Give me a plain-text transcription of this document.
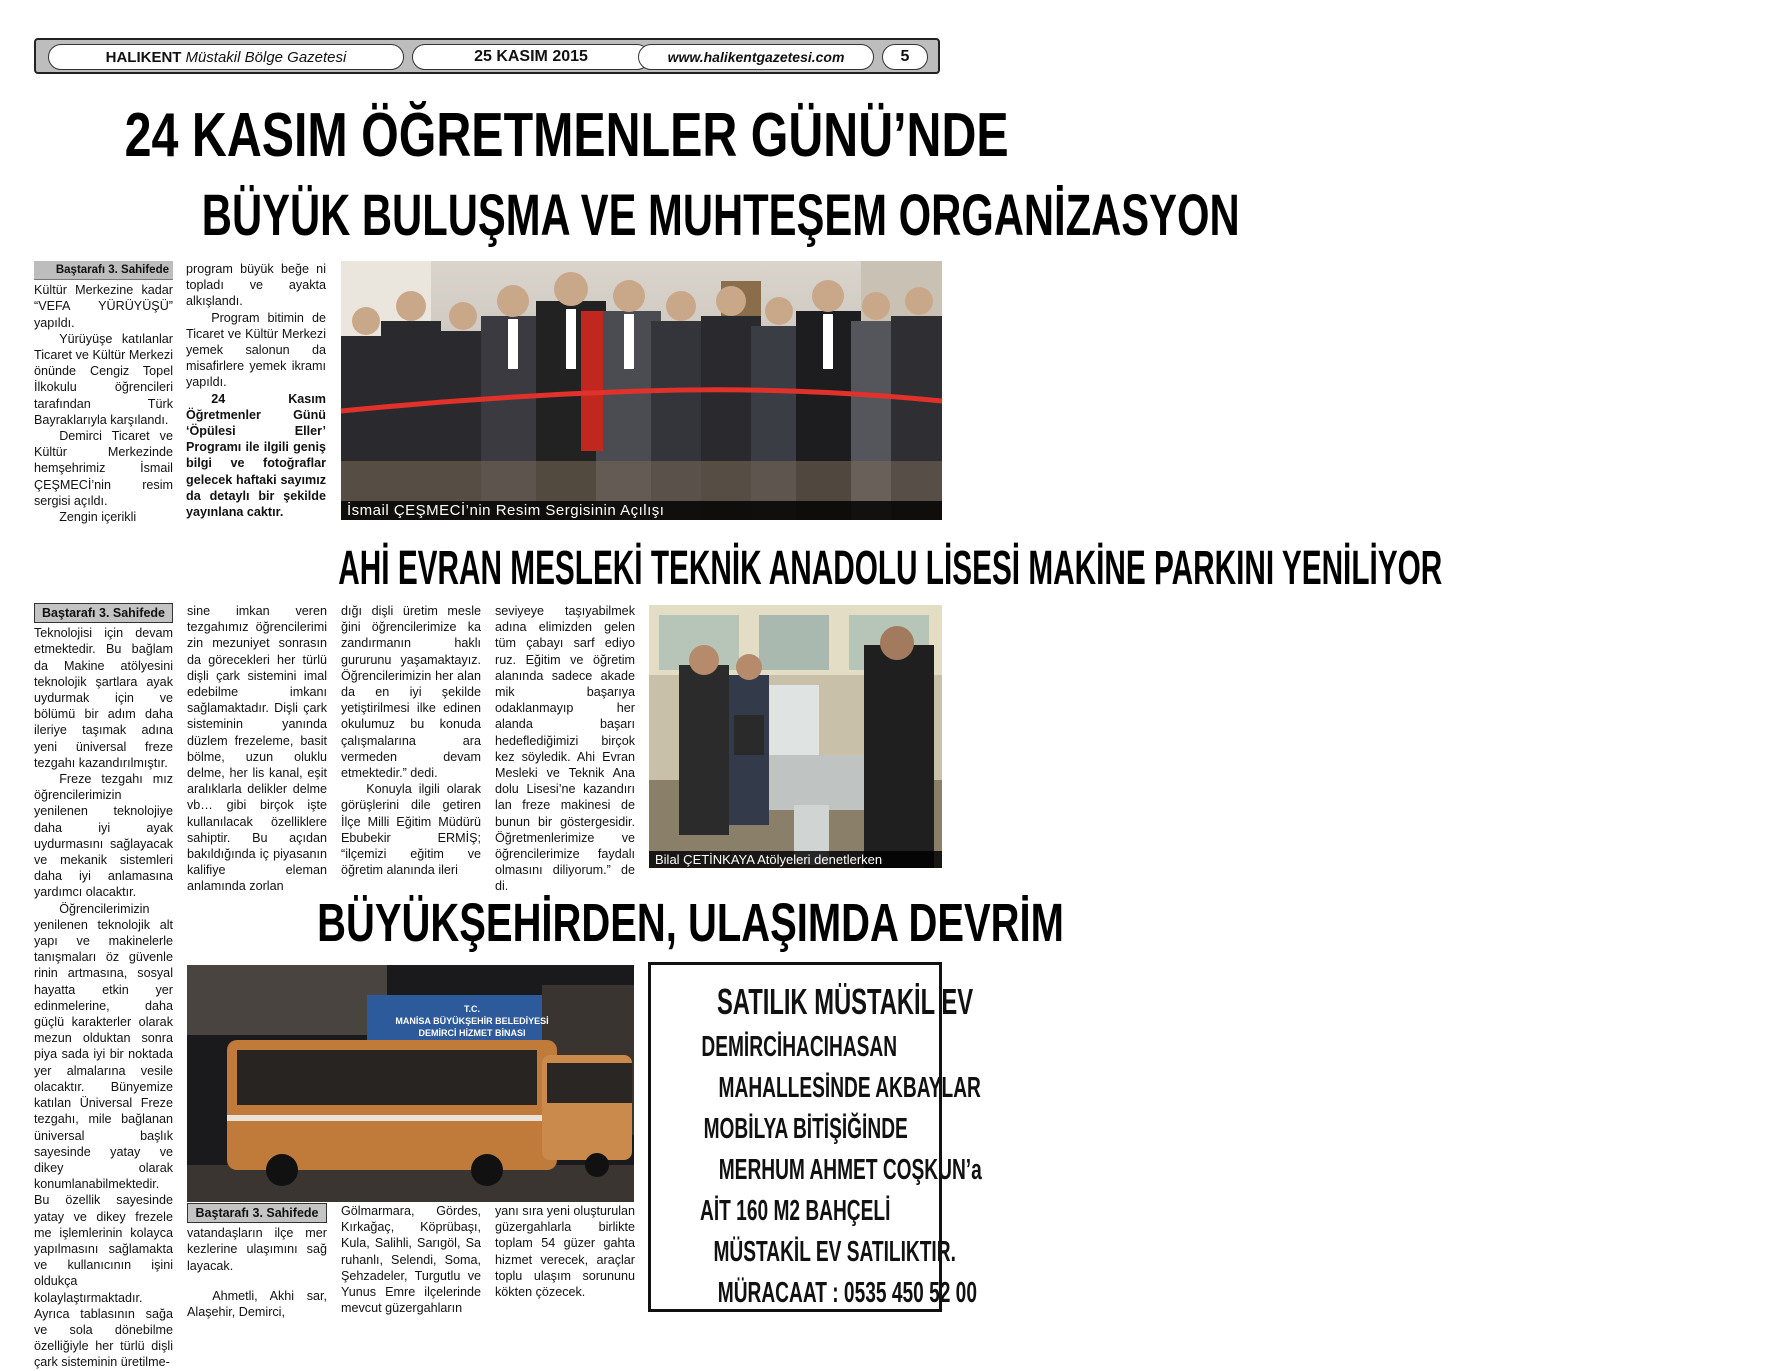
HALIKENT Müstakil Bölge Gazetesi	25 KASIM 2015	www.halikentgazetesi.com	5
24 KASIM ÖĞRETMENLER GÜNÜ’NDE
BÜYÜK BULUŞMA VE MUHTEŞEM ORGANİZASYON
Baştarafı 3. Sahifede

Kültür Merkezine kadar “VEFA YÜRÜYÜŞÜ” yapıldı.

Yürüyüşe katılanlar Ticaret ve Kültür Merkezi önünde Cengiz Topel İlkokulu öğrencileri tarafından Türk Bayraklarıyla karşılandı.

Demirci Ticaret ve Kültür Merkezinde hemşehrimiz İsmail ÇEŞMECİ’nin resim sergisi açıldı.

Zengin içerikli

program büyük beğe ni topladı ve ayakta alkışlandı.

Program bitimin de Ticaret ve Kültür Merkezi yemek salonun da misafirlere yemek ikramı yapıldı.

24 Kasım Öğretmenler Günü ‘Öpülesi Eller’ Programı ile ilgili geniş bilgi ve fotoğraflar gelecek haftaki sayımız da detaylı bir şekilde yayınlana caktır.	İsmail ÇEŞMECİ’nin Resim Sergisinin Açılışı
AHİ EVRAN MESLEKİ TEKNİK ANADOLU LİSESİ MAKİNE PARKINI YENİLİYOR
Baştarafı 3. Sahifede

Teknolojisi için devam etmektedir. Bu bağlam da Makine atölyesini teknolojik şartlara ayak uydurmak için ve bölümü bir adım daha ileriye taşımak adına yeni üniversal freze tezgahı kazandırılmıştır.

Freze tezgahı mız öğrencilerimizin yenilenen teknolojiye daha iyi ayak uydurmasını sağlayacak ve mekanik sistemleri daha iyi anlamasına yardımcı olacaktır.

Öğrencilerimizin yenilenen teknolojik alt yapı ve makinelerle tanışmaları öz güvenle rinin artmasına, sosyal hayatta etkin yer edinmelerine, daha güçlü karakterler olarak mezun olduktan sonra piya sada iyi bir noktada yer almalarına vesile olacaktır. Bünyemize katılan Üniversal Freze tezgahı, mile bağlanan üniversal başlık sayesinde yatay ve dikey olarak konumlanabilmektedir. Bu özellik sayesinde yatay ve dikey frezele me işlemlerinin kolayca yapılmasını sağlamakta ve kullanıcının işini oldukça kolaylaştırmaktadır. Ayrıca tablasının sağa ve sola dönebilme özelliğiyle her türlü dişli çark sisteminin üretilme-

sine imkan veren tezgahımız öğrencilerimi zin mezuniyet sonrasın da görecekleri her türlü dişli çark sistemini imal edebilme imkanı sağlamaktadır. Dişli çark sisteminin yanında düzlem frezeleme, basit bölme, uzun oluklu delme, her lis kanal, eşit aralıklarla delikler delme vb… gibi birçok işte kullanılacak özelliklere sahiptir. Bu açıdan bakıldığında iç piyasanın kalifiye eleman anlamında zorlan

dığı dişli üretim mesle ğini öğrencilerimize ka zandırmanın haklı gururunu yaşamaktayız. Öğrencilerimizin her alan da en iyi şekilde yetiştirilmesi ilke edinen okulumuz bu konuda çalışmalarına ara vermeden devam etmektedir.” dedi.

Konuyla ilgili olarak görüşlerini dile getiren İlçe Milli Eğitim Müdürü Ebubekir ERMİŞ; “ilçemizi eğitim ve öğretim alanında ileri

seviyeye taşıyabilmek adına elimizden gelen tüm çabayı sarf ediyo ruz. Eğitim ve öğretim alanında sadece akade mik başarıya odaklanmayıp her alanda başarı hedeflediğimizi birçok kez söyledik. Ahi Evran Mesleki ve Teknik Ana dolu Lisesi’ne kazandırı lan freze makinesi de bunun bir göstergesidir. Öğretmenlerimize ve öğrencilerimize faydalı olmasını diliyorum.” de di.

Bilal ÇETİNKAYA Atölyeleri denetlerken
BÜYÜKŞEHİRDEN, ULAŞIMDA DEVRİM
T.C.
MANİSA BÜYÜKŞEHİR BELEDİYESİ
DEMİRCİ HİZMET BİNASI
Baştarafı 3. Sahifede

vatandaşların ilçe mer kezlerine ulaşımını sağ layacak.

Ahmetli, Akhi sar, Alaşehir, Demirci,

Gölmarmara, Gördes, Kırkağaç, Köprübaşı, Kula, Salihli, Sarıgöl, Sa ruhanlı, Selendi, Soma, Şehzadeler, Turgutlu ve Yunus Emre ilçelerinde mevcut güzergahların

yanı sıra yeni oluşturulan güzergahlarla birlikte toplam 54 güzer gahta hizmet verecek, araçlar toplu ulaşım sorununu kökten çözecek.

SATILIK MÜSTAKİL EV
DEMİRCİHACIHASAN
MAHALLESİNDE AKBAYLAR
MOBİLYA BİTİŞİĞİNDE
MERHUM AHMET COŞKUN’a
AİT 160 M2 BAHÇELİ
MÜSTAKİL EV SATILIKTIR.
MÜRACAAT : 0535 450 52 00
